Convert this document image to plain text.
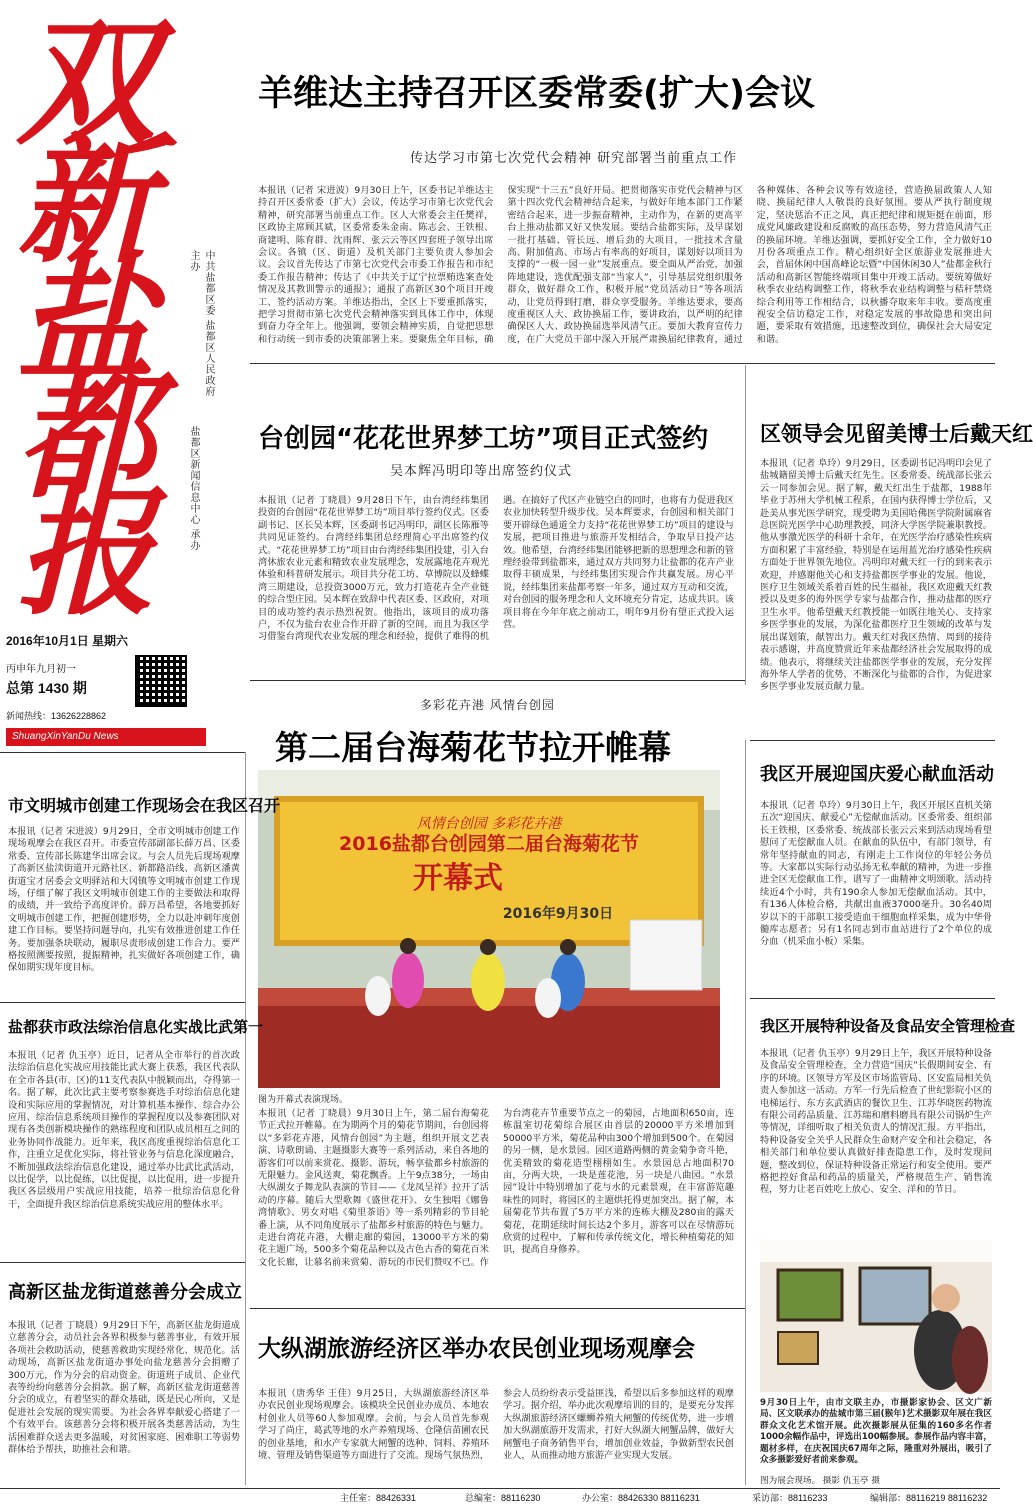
双
新
盐
都
报
中共盐都区委 盐都区人民政府 主办
盐都区新闻信息中心 承办
2016年10月1日 星期六
丙申年九月初一
总第 1430 期
新闻热线：13626228862
ShuangXinYanDu News
羊维达主持召开区委常委(扩大)会议
传达学习市第七次党代会精神 研究部署当前重点工作
本报讯（记者 宋进波）9月30日上午，区委书记羊维达主持召开区委常委（扩大）会议，传达学习市第七次党代会精神，研究部署当前重点工作。区人大常委会主任樊祥，区政协主席顾其斌，区委常委朱金南、陈志会、王铁根、商建明、陈育群、沈雨辉、张云云等区四套班子领导出席会议。各镇（区、街道）及机关部门主要负责人参加会议。会议首先传达了市第七次党代会市委工作报告和市纪委工作报告精神；传达了《中共关于辽宁拉票贿选案查处情况及其教训警示的通报》；通报了高新区30个项目开竣工、签约活动方案。羊维达指出，全区上下要重抓落实，把学习贯彻市第七次党代会精神落实到具体工作中，体现到奋力夺全年上。他强调，要领会精神实质，自觉把思想和行动统一到市委的决策部署上来。要聚焦全年目标，确保实现“十三五”良好开局。把贯彻落实市党代会精神与区第十四次党代会精神结合起来，与做好年地本部门工作紧密结合起来，进一步振奋精神，主动作为，在新的更高平台上推动盐都又好又快发展。要结合盐都实际，及早谋划一批打基础、管长远、增后劲的大项目，一批技术含量高、附加值高、市场占有率高的好项目，谋划好以项目为支撑的“一极一园一业”发展重点。要全面从严治党，加强阵地建设，选优配强支部“当家人”，引导基层党组织服务群众，做好群众工作，积极开展“党员活动日”等各项活动，让党员得到打磨，群众享受服务。羊维达要求，要高度重视区人大、政协换届工作，要讲政治，以严明的纪律确保区人大、政协换届选举风清气正。要加大教育宣传力度，在广大党员干部中深入开展严肃换届纪律教育，通过各种媒体、各种会议等有效途径，营造换届政策人人知晓、换届纪律人人敬畏的良好氛围。要从严执行制度规定，坚决惩治不正之风，真正把纪律和规矩挺在前面，形成党风廉政建设和反腐败的高压态势，努力营造风清气正的换届环境。羊维达强调，要抓好安全工作，全力做好10月份各项重点工作。精心组织好全区旅游业发展推进大会，首届休闲中国高峰论坛暨“中国休闲30人”盐都金秋行活动和高新区智能终端项目集中开竣工活动。要统筹做好秋季农业结构调整工作，将秋季农业结构调整与秸秆禁烧综合利用等工作相结合，以秋播夺取来年丰收。要高度重视安全信访稳定工作，对稳定发展的事故隐患和突出问题，要采取有效措施，迅速整改到位，确保社会大局安定和谐。
台创园“花花世界梦工坊”项目正式签约
吴本辉冯明印等出席签约仪式
本报讯（记者 丁晓晨）9月28日下午，由台湾经纬集团投资的台创园“花花世界梦工坊”项目举行签约仪式。区委副书记、区长吴本辉，区委副书记冯明印，副区长陈雁等共同见证签约。台湾经纬集团总经理简心平出席签约仪式。“花花世界梦工坊”项目由台湾经纬集团投建，引入台湾休旅农业元素和精致农业发展理念，发展露地花卉观光体验和科普研发展示。项目共分花工坊、草博院以及蜂蝶湾三期建设，总投资3000万元，致力打造花卉全产业链的综合型庄园。吴本辉在致辞中代表区委、区政府，对项目的成功签约表示热烈祝贺。他指出，该项目的成功落户，不仅为盐台农业合作开辟了新的空间，而且为我区学习借鉴台湾现代农业发展的理念和经验，提供了难得的机遇。在搞好了代区产业链空白的同时，也将有力促进我区农业加快转型升级步伐。吴本辉要求，台创园和相关部门要开辟绿色通道全力支持“花花世界梦工坊”项目的建设与发展，把项目推进与旅游开发相结合，争取早日投产达效。他希望，台湾经纬集团能够把新的思想理念和新的管理经验带到盐都来，通过双方共同努力让盐都的花卉产业取得丰硕成果，与经纬集团实现合作共赢发展。房心平说，经纬集团来盐都考察一年多，通过双方互动和交流，对台创园的服务理念和人文环境充分肯定，达成共识。该项目将在今年年底之前动工，明年9月份有望正式投入运营。
区领导会见留美博士后戴天红
本报讯（记者 阜玲）9月29日，区委副书记冯明印会见了盐城籍留美博士后戴天红先生。区委常委、统战部长张云云一同参加会见。据了解，戴天红出生于盐都，1988年毕业于苏州大学机械工程系，在国内获得博士学位后，又赴美从事光医学研究，现受聘为美国哈佛医学院附属麻省总医院光医学中心助理教授，同济大学医学院兼职教授。他从事激光医学的科研十余年，在光医学治疗感染性疾病方面积累了丰富经验，特别是在运用蓝光治疗感染性疾病方面处于世界领先地位。冯明印对戴天红一行的到来表示欢迎，并感谢他关心和支持盐都医学事业的发展。他说，医疗卫生领域关系着百姓的民生福祉，我区欢迎戴天红教授以及更多的海外医学专家与盐都合作，推动盐都的医疗卫生水平。他希望戴天红教授能一如既往地关心、支持家乡医学事业的发展，为深化盐都医疗卫生领域的改革与发展出谋划策，献智出力。戴天红对我区热情、周到的接待表示感谢，并高度赞赏近年来盐都经济社会发展取得的成绩。他表示，将继续关注盐都医学事业的发展，充分发挥海外华人学者的优势，不断深化与盐都的合作，为促进家乡医学事业发展贡献力量。
多彩花卉港 风情台创园
第二届台海菊花节拉开帷幕
2016盐都台创园第二届台海菊花节
风情台创园 多彩花卉港
开幕式
2016年9月30日
图为开幕式表演现场。
本报讯（记者 丁晓晨）9月30日上午，第二届台海菊花节正式拉开帷幕。在为期两个月的菊花节期间，台创园将以“多彩花卉港，风情台创园”为主题，组织开展文艺表演、诗歌朗诵、主题摄影大赛等一系列活动，来自各地的游客们可以前来赏花、摄影、游玩，畅享盐都乡村旅游的无限魅力。金风送爽，菊花飘香。上午9点38分，一场由大纵湖女子舞龙队表演的节目——《龙凤呈祥》拉开了活动的序幕。随后大型歌舞《盛世花开》、女生独唱《娜鲁湾情歌》、男女对唱《菊里茶语》等一系列精彩的节目轮番上演，从不同角度展示了盐都乡村旅游的特色与魅力。走进台湾花卉港，大棚走廊的菊园，13000平方米的菊花主题广场，500多个菊花品种以及古色古香的菊花百米文化长廊，让慕名前来赏菊、游玩的市民们赞叹不已。作为台湾花卉节重要节点之一的菊园，占地面积650亩，连栋温室切花菊综合展区由首层的20000平方米增加到50000平方米，菊花品种由300个增加到500个。在菊园的另一侧，是水景园。园区道路两侧的黄金菊争奇斗艳，优美精致的菊花造型栩栩如生。水景园总占地面积70亩，分两大块，一块是莲花池，另一块是八曲园。“水景园”设计中特别增加了花与水的元素景观，在丰富游览趣味性的同时，将园区的主题烘托得更加突出。据了解，本届菊花节共布置了5万平方米的连栋大棚及280亩的露天菊花，花期延续时间长达2个多月，游客可以在尽情游玩欣赏的过程中，了解和传承传统文化，增长种植菊花的知识，提高自身修养。
大纵湖旅游经济区举办农民创业现场观摩会
本报讯（唐秀华 王佳）9月25日，大纵湖旅游经济区举办农民创业现场观摩会。该模块全民创业办成员、本地农村创业人员等60人参加观摩。会前，与会人员首先参观学习了尚庄，葛武等地的水产养殖现场、仓隆信苗圃农民的创业基地，和水产专家就大闸蟹的选种、饲料、养殖环境、管理及销售渠道等方面进行了交流。现场气氛热烈，参会人员纷纷表示受益匪浅，希望以后多参加这样的观摩学习。据介绍，举办此次观摩培训的目的，是要充分发挥大纵湖旅游经济区螺蛳养殖大闸蟹的传统优势，进一步增加大纵湖旅游开发需求，打好大纵湖大闸蟹品牌，做好大闸蟹电子商务销售平台，增加创业效益，争做新型农民创业人，从而推动地方旅游产业实现大发展。
我区开展迎国庆爱心献血活动
本报讯（记者 阜玲）9月30日上午，我区开展区直机关第五次“迎国庆、献爱心”无偿献血活动。区委常委、组织部长王铁根，区委常委、统战部长张云云来到活动现场看望慰问了无偿献血人员。在献血的队伍中，有部门领导，有常年坚持献血的同志，有刚走上工作岗位的年轻公务员等。大家都以实际行动弘扬无私奉献的精神，为进一步推进全区无偿献血工作，谱写了一曲精神文明颂歌。活动持续近4个小时，共有190余人参加无偿献血活动。其中，有136人体检合格，共献出血液37000毫升。30名40周岁以下的干部职工接受造血干细胞血样采集，成为中华骨髓库志愿者；另有1名同志到市血站进行了2个单位的成分血（机采血小板）采集。
我区开展特种设备及食品安全管理检查
本报讯（记者 仇玉亭）9月29日上午，我区开展特种设备及食品安全管理检查，全力营造“国庆”长假期间安全、有序的环境。区领导方军及区市场监管局、区安监局相关负责人参加这一活动。方军一行先后检查了世纪影院小区的电梯运行、东方玄武酒店的餐饮卫生、江苏华晓医药物流有限公司药品质量、江苏瑞和磨料磨具有限公司锅炉生产等情况，详细听取了相关负责人的情况汇报。方平指出，特种设备安全关乎人民群众生命财产安全和社会稳定，各相关部门和单位要认真做好排查隐患工作，及时发现问题，整改到位，保证特种设备正常运行和安全使用。要严格把控好食品和药品的质量关，严格规范生产、销售流程，努力让老百姓吃上放心、安全、洋和的节日。
9月30日上午，由市文联主办，市摄影家协会、区文广新局、区文联承办的盐城市第三届(猴年)艺术摄影双年展在我区群众文化艺术馆开展。此次摄影展从征集的160多名作者1000余幅作品中，评选出100幅参展。参展作品内容丰富，题材多样，在庆祝国庆67周年之际，隆重对外展出，吸引了众多摄影爱好者前来参观。
图为展会现场。 摄影 仇玉亭 摄
市文明城市创建工作现场会在我区召开
本报讯（记者 宋进波）9月29日，全市文明城市创建工作现场观摩会在我区召开。市委宣传部副部长薛万昌、区委常委、宣传部长陈建华出席会议。与会人员先后现场观摩了高新区盐渎街道开元路社区、新都路沿线、高新区潘黄街道宝才居委会文明驿站和大冈镇等文明城市创建工作现场，仔细了解了我区文明城市创建工作的主要做法和取得的成绩，并一致给予高度评价。薛万昌希望，各地要抓好文明城市创建工作，把握创建形势，全力以赴冲刺年度创建工作目标。要坚持问题导向，扎实有效推进创建工作任务。要加强条块联动，履职尽责形成创建工作合力。要严格按照测要按照，提振精神，扎实做好各项创建工作，确保如期实现年度目标。
盐都获市政法综治信息化实战比武第一
本报讯（记者 仇玉亭）近日，记者从全市举行的首次政法综治信息化实战应用技能比武大赛上获悉，我区代表队在全市各县(市、区)的11支代表队中脱颖而出，夺得第一名。据了解，此次比武主要考察参赛选手对综治信息化建设和实际应用的掌握情况，对计算机基本操作、综合办公应用、综治信息系统项目操作的掌握程度以及参赛团队对现有各类创新模块操作的熟练程度和团队成员相互之间的业务协同作战能力。近年来，我区高度重视综治信息化工作，注重立足优化实际，将社管业务与信息化深度融合，不断加强政法综治信息化建设，通过举办比武比武活动，以比促学，以比促练，以比促提，以比促用，进一步提升我区各层级用户实战应用技能，培养一批综治信息化骨干，全面提升我区综治信息系统实战应用的整体水平。
高新区盐龙街道慈善分会成立
本报讯（记者 丁晓晨）9月29日下午，高新区盐龙街道成立慈善分会，动员社会各界积极参与慈善事业，有效开展各项社会救助活动，使慈善救助实现经常化、规范化。活动现场，高新区盐龙街道办事处向盐龙慈善分会捐赠了300万元，作为分会的启动资金。街道班子成员、企业代表等纷纷向慈善分会捐款。据了解，高新区盐龙街道慈善分会的成立，有着坚实的群众基础，既是民心所向，又是促进社会发展的现实需要。为社会各界奉献爱心搭建了一个有效平台。该慈善分会将积极开展各类慈善活动，为生活困难群众送去更多温暖，对贫困家庭、困难职工等弱势群体给予帮扶，助推社会和谐。
主任室：88426331	总编室：88116230	办公室：88426330 88116231	采访部：88116233	编辑部：88116219 88116232
